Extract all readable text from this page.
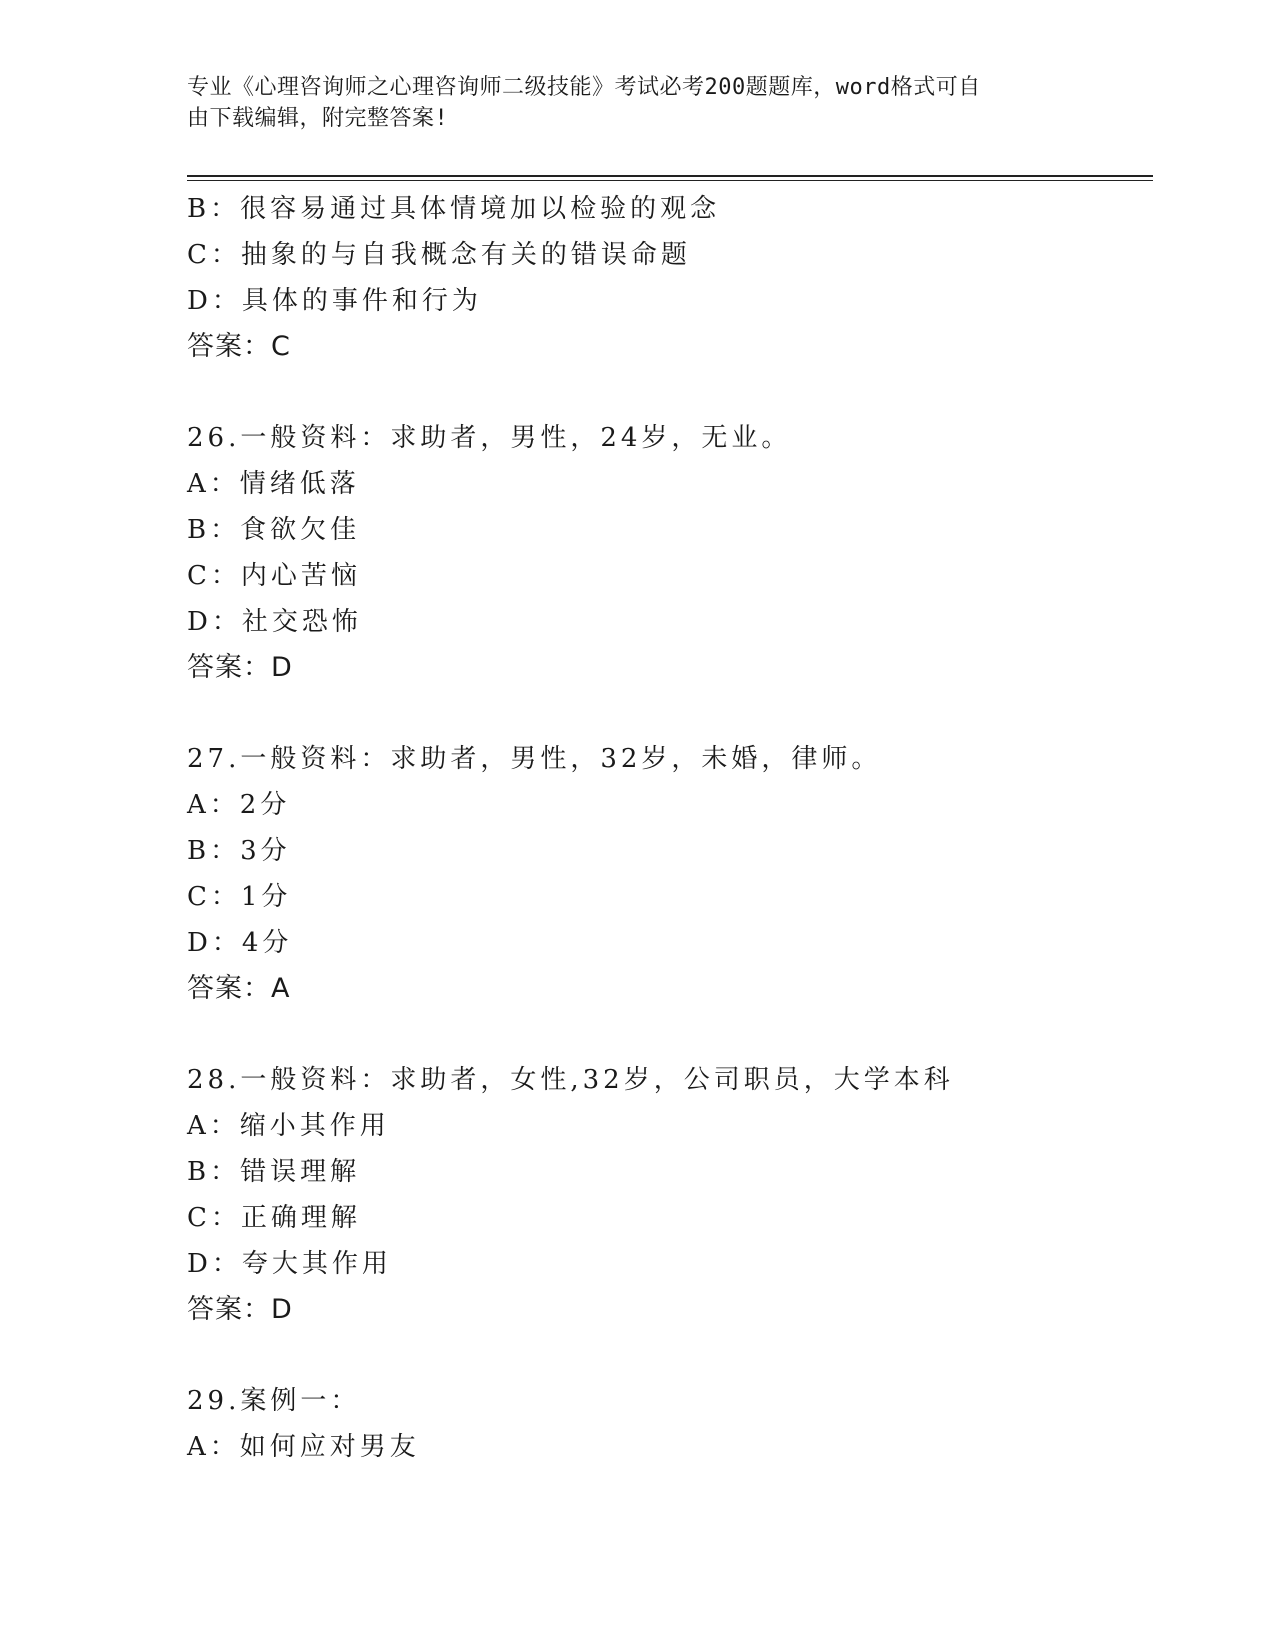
专业《心理咨询师之心理咨询师二级技能》考试必考200题题库，word格式可自
由下载编辑，附完整答案!
B：很容易通过具体情境加以检验的观念
C：抽象的与自我概念有关的错误命题
D：具体的事件和行为
答案：C
26.一般资料：求助者，男性，24岁，无业。
A：情绪低落
B：食欲欠佳
C：内心苦恼
D：社交恐怖
答案：D
27.一般资料：求助者，男性，32岁，未婚，律师。
A：2分
B：3分
C：1分
D：4分
答案：A
28.一般资料：求助者，女性,32岁，公司职员，大学本科
A：缩小其作用
B：错误理解
C：正确理解
D：夸大其作用
答案：D
29.案例一：
A：如何应对男友
